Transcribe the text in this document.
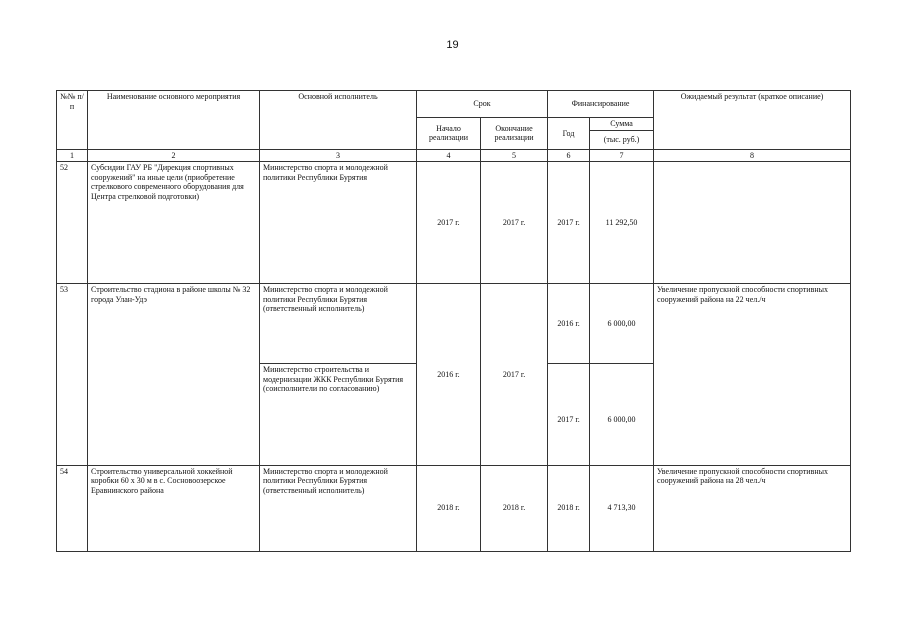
19
№№ п/п	Наименование основного мероприятия	Основной исполнитель	Срок		Финансирование		Ожидаемый результат (краткое описание)
			Начало реализации	Окончание реализации	Год	Сумма	
						(тыс. руб.)	
1	2	3	4	5	6	7	8
52	Субсидии ГАУ РБ "Дирекция спортивных сооружений" на иные цели (приобретение стрелкового современного оборудования для Центра стрелковой подготовки)	Министерство спорта и молодежной политики Республики Бурятия	2017 г.	2017 г.	2017 г.	11 292,50	
53	Строительство стадиона в районе школы № 32 города Улан-Удэ	Министерство спорта и молодежной политики Республики Бурятия (ответственный исполнитель)	2016 г.	2017 г.	2016 г.	6 000,00	Увеличение пропускной способности спортивных сооружений района на 22 чел./ч
		Министерство строительства и модернизации ЖКК Республики Бурятия (соисполнители по согласованию)					
					2017 г.	6 000,00	
54	Строительство универсальной хоккейной коробки 60 х 30 м в с. Сосновоозерское Еравнинского района	Министерство спорта и молодежной политики Республики Бурятия (ответственный исполнитель)	2018 г.	2018 г.	2018 г.	4 713,30	Увеличение пропускной способности спортивных сооружений района на 28 чел./ч
